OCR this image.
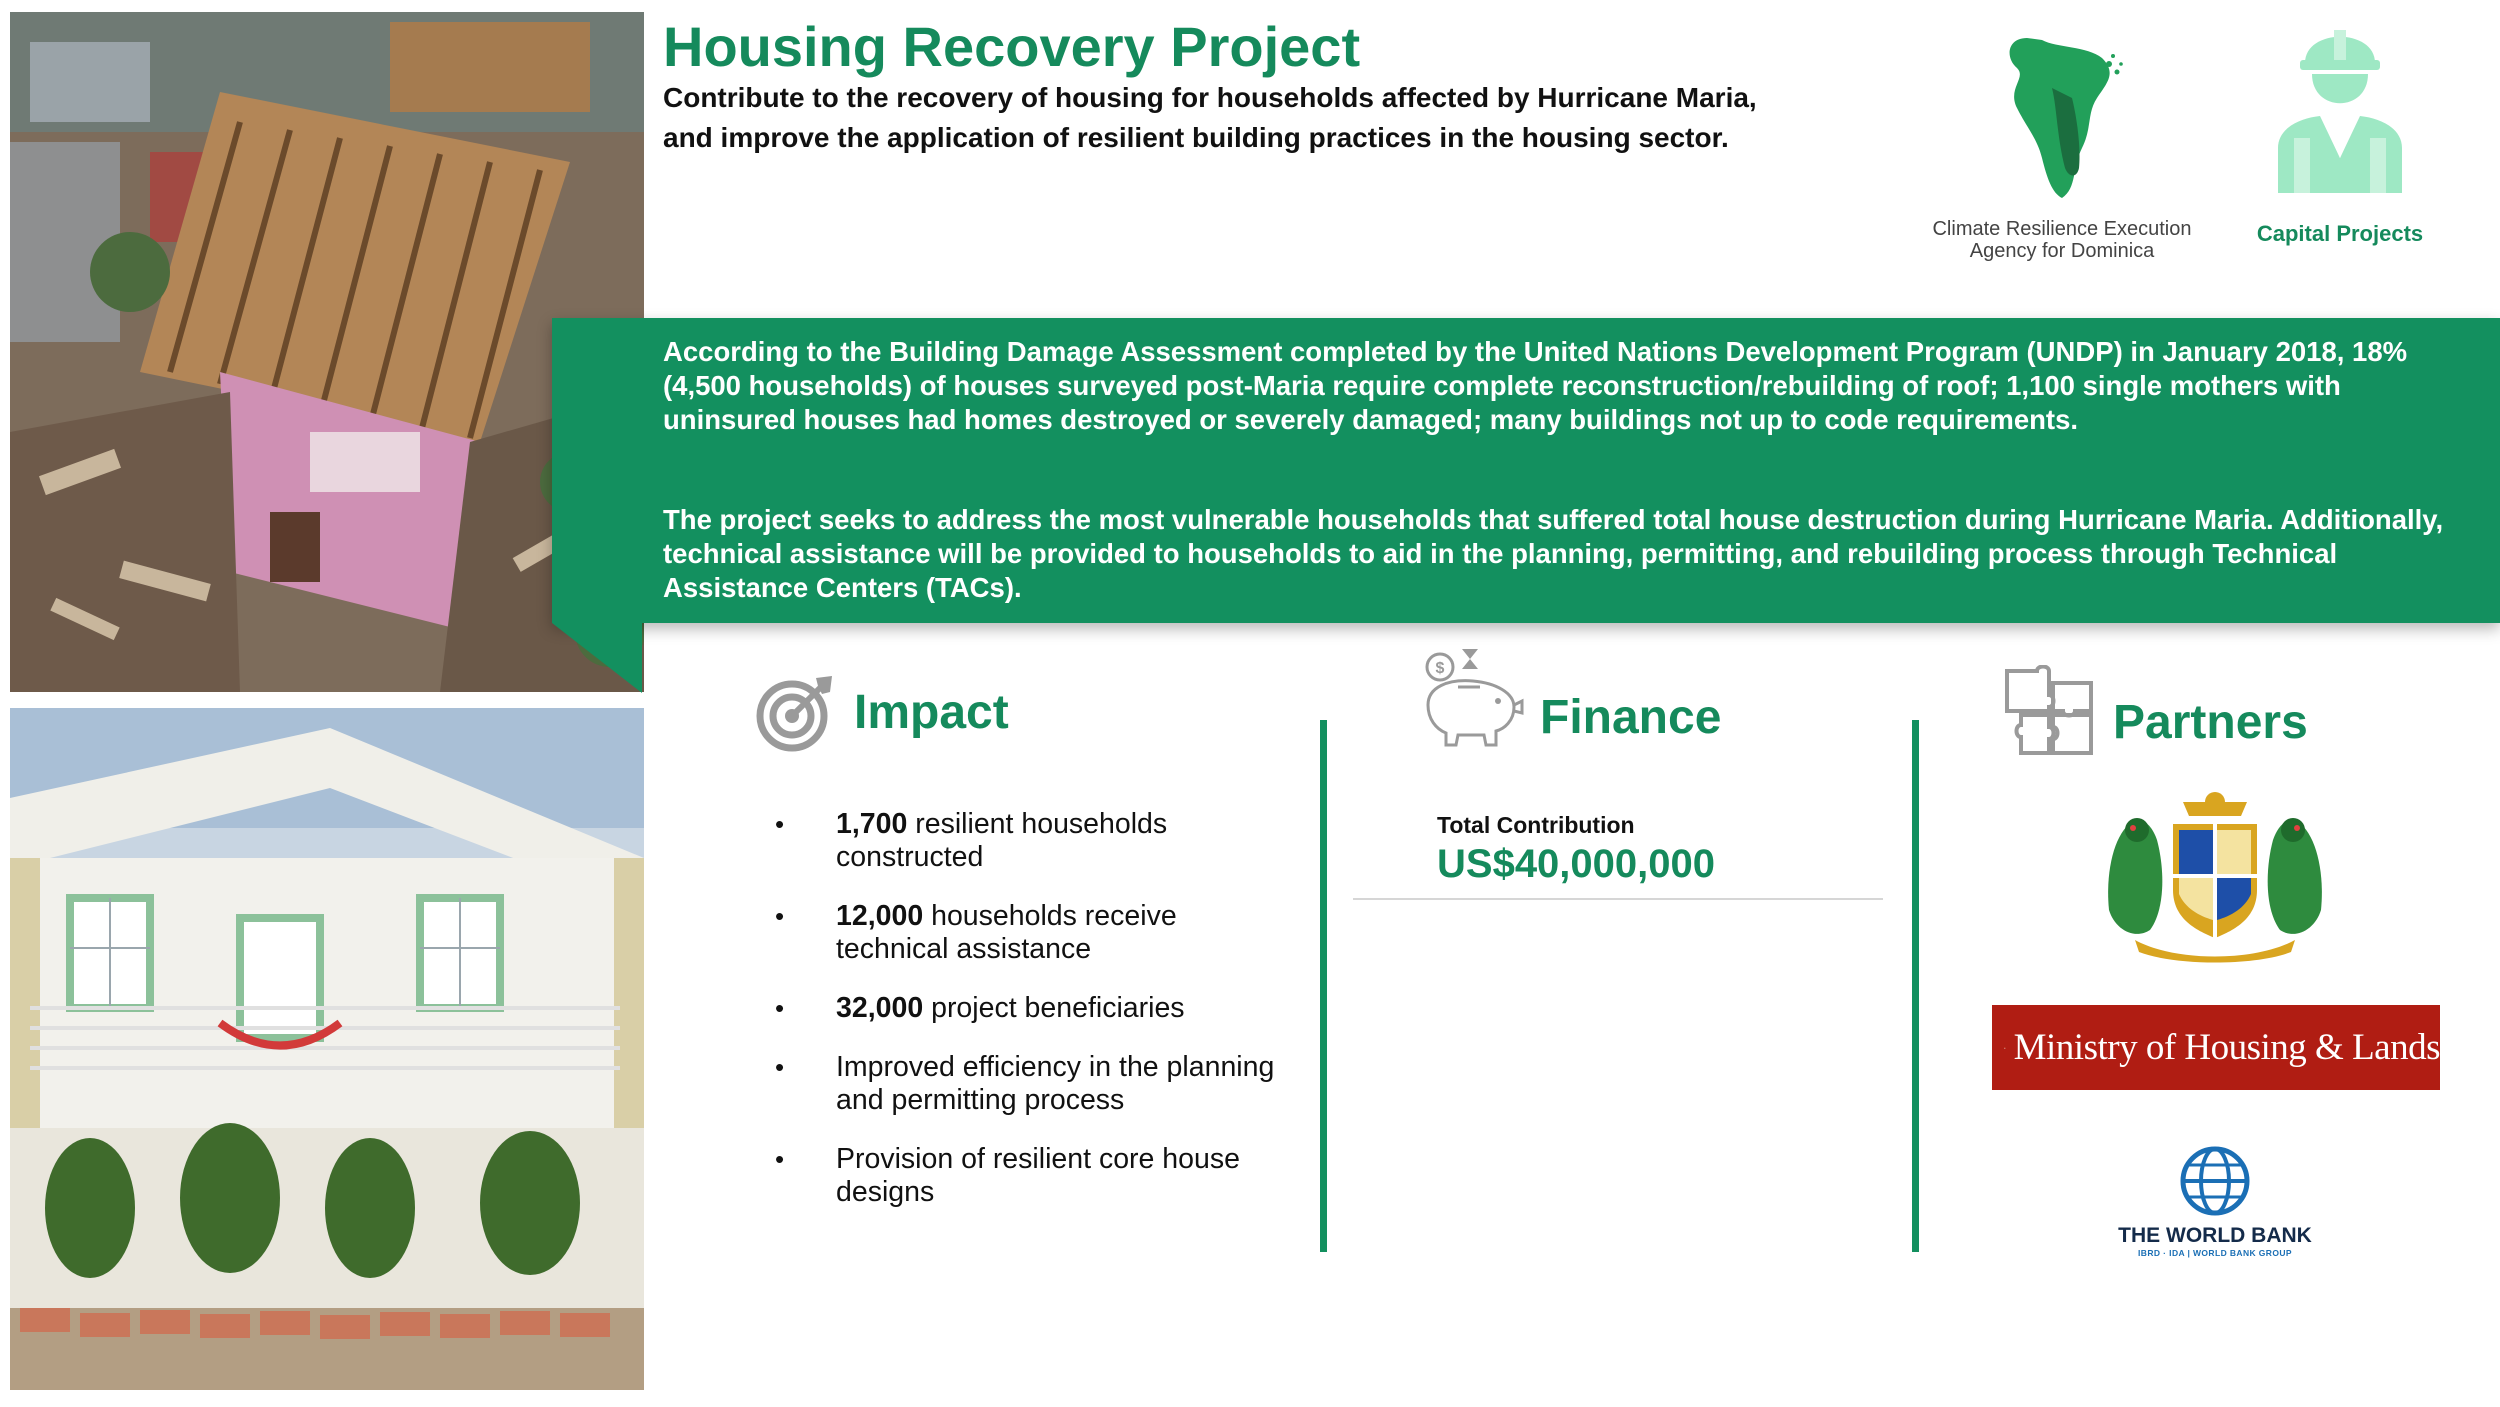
Housing Recovery Project
Contribute to the recovery of housing for households affected by Hurricane Maria,
and improve the application of resilient building practices in the housing sector.
Climate Resilience Execution
Agency for Dominica
Capital Projects

According to the Building Damage Assessment completed by the United Nations Development Program (UNDP) in January 2018, 18% (4,500 households) of houses surveyed post-Maria require complete reconstruction/rebuilding of roof; 1,100 single mothers with uninsured houses had homes destroyed or severely damaged; many buildings not up to code requirements.

The project seeks to address the most vulnerable households that suffered total house destruction during Hurricane Maria. Additionally, technical assistance will be provided to households to aid in the planning, permitting, and rebuilding process through Technical Assistance Centers (TACs).

Impact
• 1,700 resilient households constructed
• 12,000 households receive technical assistance
• 32,000 project beneficiaries
• Improved efficiency in the planning and permitting process
• Provision of resilient core house designs
$
Finance
Total Contribution
US$40,000,000
Partners
Ministry of Housing & Lands
THE WORLD BANK
IBRD · IDA | WORLD BANK GROUP
